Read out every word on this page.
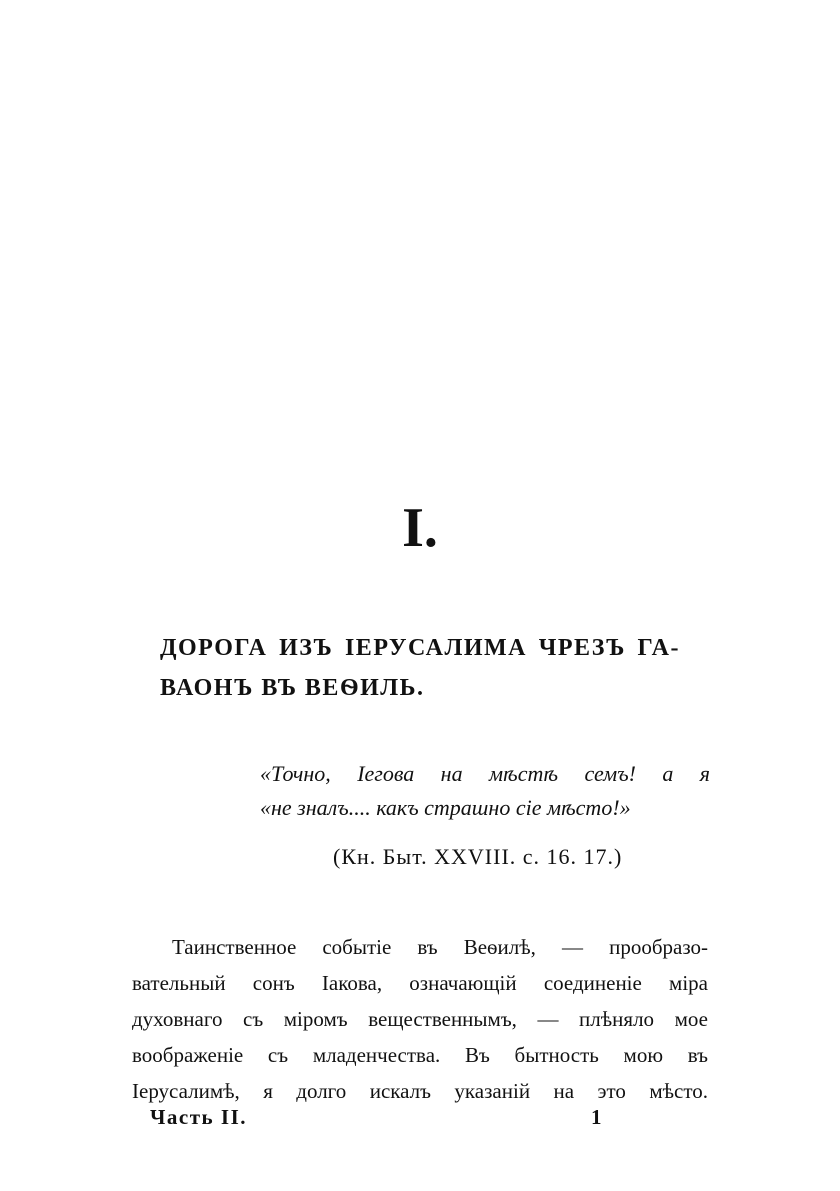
I.
ДОРОГА ИЗЪ ІЕРУСАЛИМА ЧРЕЗЪ ГА-
ВАОНЪ ВЪ ВЕѲИЛЬ.
«Точно, Іегова на мѣстѣ семъ! а я
«не зналъ.... какъ страшно сіе мѣсто!»
(Кн. Быт. XXVIII. с. 16. 17.)
Таинственное событіе въ Веѳилѣ, — прообразо-
вательный сонъ Іакова, означающій соединеніе міра
духовнаго съ міромъ вещественнымъ, — плѣняло мое
воображеніе съ младенчества. Въ бытность мою въ
Іерусалимѣ, я долго искалъ указаній на это мѣсто.
Часть II.	1
